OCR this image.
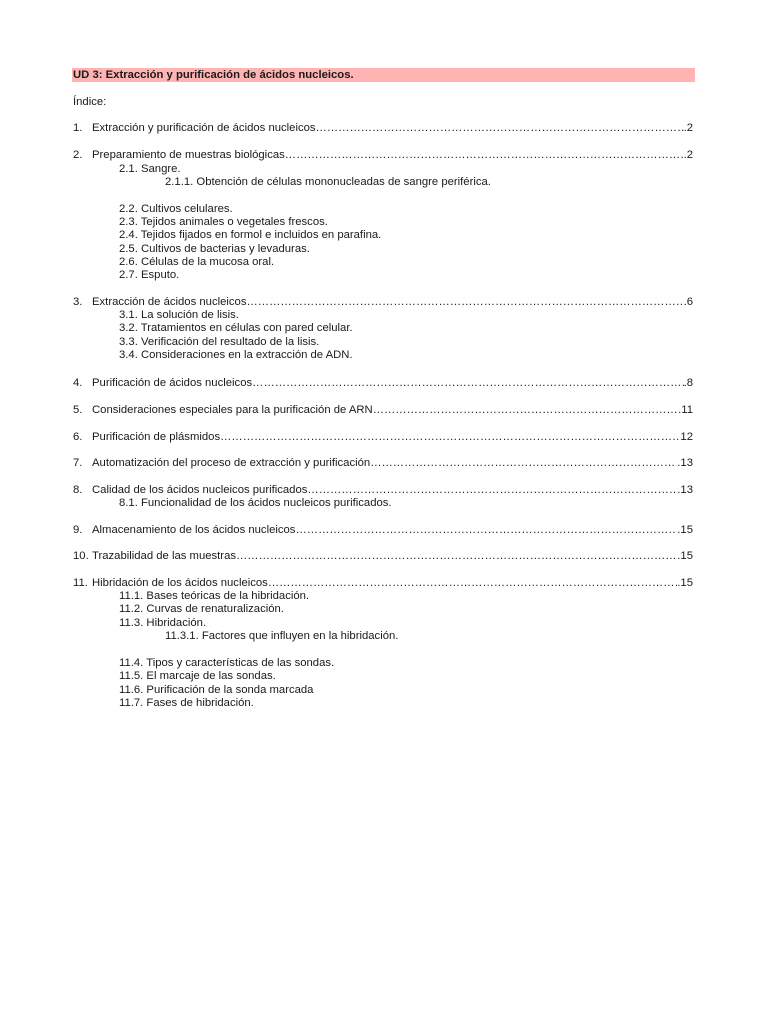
UD 3: Extracción y purificación de ácidos nucleicos.
Índice:
1. Extracción y purificación de ácidos nucleicos ……………………………………………………………………………………………………………………………………………………………………………………………………………………………………	.2
2. Preparamiento de muestras biológicas ……………………………………………………………………………………………………………………………………………………………………………………………………………………………………	.2
2.1. Sangre.
2.1.1. Obtención de células mononucleadas de sangre periférica.
2.2. Cultivos celulares.
2.3. Tejidos animales o vegetales frescos.
2.4. Tejidos fijados en formol e incluidos en parafina.
2.5. Cultivos de bacterias y levaduras.
2.6. Células de la mucosa oral.
2.7. Esputo.
3. Extracción de ácidos nucleicos ……………………………………………………………………………………………………………………………………………………………………………………………………………………………………	.6
3.1. La solución de lisis.
3.2. Tratamientos en células con pared celular.
3.3. Verificación del resultado de la lisis.
3.4. Consideraciones en la extracción de ADN.
4. Purificación de ácidos nucleicos ……………………………………………………………………………………………………………………………………………………………………………………………………………………………………	.8
5. Consideraciones especiales para la purificación de ARN ……………………………………………………………………………………………………………………………………………………………………………………………………………………………………	.11
6. Purificación de plásmidos ……………………………………………………………………………………………………………………………………………………………………………………………………………………………………	12
7. Automatización del proceso de extracción y purificación ……………………………………………………………………………………………………………………………………………………………………………………………………………………………………	.13
8. Calidad de los ácidos nucleicos purificados ……………………………………………………………………………………………………………………………………………………………………………………………………………………………………	.13
8.1. Funcionalidad de los ácidos nucleicos purificados.
9. Almacenamiento de los ácidos nucleicos ……………………………………………………………………………………………………………………………………………………………………………………………………………………………………	.15
10. Trazabilidad de las muestras ……………………………………………………………………………………………………………………………………………………………………………………………………………………………………	.15
11. Hibridación de los ácidos nucleicos ……………………………………………………………………………………………………………………………………………………………………………………………………………………………………	.15
11.1. Bases teóricas de la hibridación.
11.2. Curvas de renaturalización.
11.3. Hibridación.
11.3.1. Factores que influyen en la hibridación.
11.4. Tipos y características de las sondas.
11.5. El marcaje de las sondas.
11.6. Purificación de la sonda marcada
11.7. Fases de hibridación.
